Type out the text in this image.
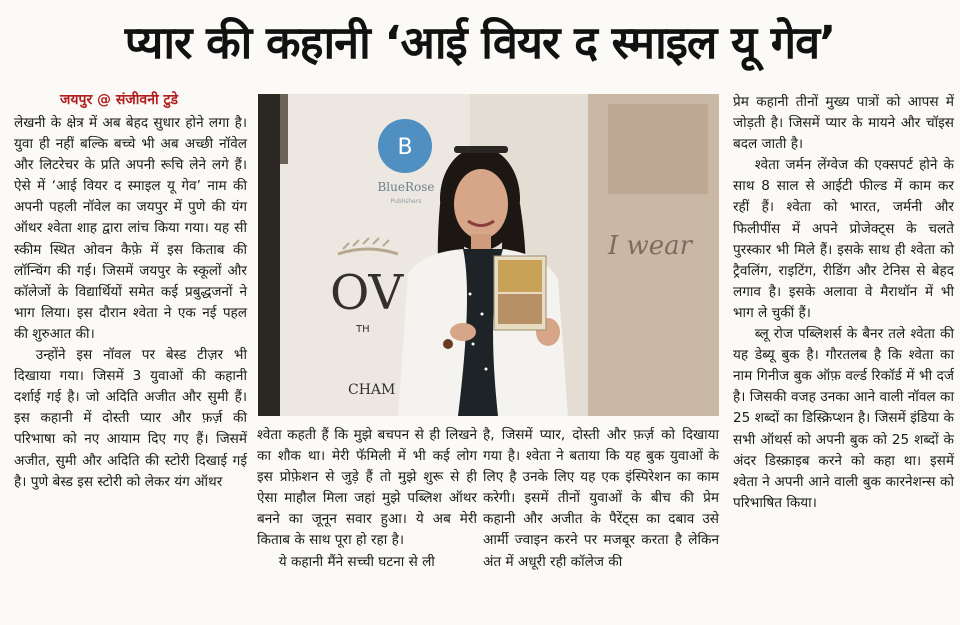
प्यार की कहानी ‘आई वियर द स्माइल यू गेव’
जयपुर @ संजीवनी टुडे

लेखनी के क्षेत्र में अब बेहद सुधार होने लगा है। युवा ही नहीं बल्कि बच्चे भी अब अच्छी नॉवेल और लिटरेचर के प्रति अपनी रूचि लेने लगे हैं। ऐसे में ‘आई वियर द स्माइल यू गेव’ नाम की अपनी पहली नॉवेल का जयपुर में पुणे की यंग ऑथर श्वेता शाह द्वारा लांच किया गया। यह सी स्कीम स्थित ओवन कैफ़े में इस किताब की लॉन्चिंग की गई। जिसमें जयपुर के स्कूलों और कॉलेजों के विद्यार्थियों समेत कई प्रबुद्धजनों ने भाग लिया। इस दौरान श्वेता ने एक नई पहल की शुरुआत की।

उन्होंने इस नॉवल पर बेस्ड टीज़र भी दिखाया गया। जिसमें 3 युवाओं की कहानी दर्शाई गई है। जो अदिति अजीत और सुमी हैं। इस कहानी में दोस्ती प्यार और फ़र्ज़ की परिभाषा को नए आयाम दिए गए हैं। जिसमें अजीत, सुमी और अदिति की स्टोरी दिखाई गई है। पुणे बेस्ड इस स्टोरी को लेकर यंग ऑथर

B
BlueRose
Publishers
OV
TH
CHAM
I wear

श्वेता कहती हैं कि मुझे बचपन से ही लिखने का शौक था। मेरी फॅमिली में भी कई लोग इस प्रोफ़ेशन से जुड़े हैं तो मुझे शुरू से ही ऐसा माहौल मिला जहां मुझे पब्लिश ऑथर बनने का जूनून सवार हुआ। ये अब मेरी किताब के साथ पूरा हो रहा है।

ये कहानी मैंने सच्ची घटना से ली

है, जिसमें प्यार, दोस्ती और फ़र्ज़ को दिखाया गया है। श्वेता ने बताया कि यह बुक युवाओं के लिए है उनके लिए यह एक इंस्पिरेशन का काम करेगी। इसमें तीनों युवाओं के बीच की प्रेम कहानी और अजीत के पैरेंट्स का दबाव उसे आर्मी ज्वाइन करने पर मजबूर करता है लेकिन अंत में अधूरी रही कॉलेज की

प्रेम कहानी तीनों मुख्य पात्रों को आपस में जोड़ती है। जिसमें प्यार के मायने और चॉइस बदल जाती है।

श्वेता जर्मन लेंग्वेज की एक्सपर्ट होने के साथ 8 साल से आईटी फील्ड में काम कर रहीं हैं। श्वेता को भारत, जर्मनी और फिलीपींस में अपने प्रोजेक्ट्स के चलते पुरस्कार भी मिले हैं। इसके साथ ही श्वेता को ट्रैवलिंग, राइटिंग, रीडिंग और टेनिस से बेहद लगाव है। इसके अलावा वे मैराथॉन में भी भाग ले चुकीं हैं।

ब्लू रोज पब्लिशर्स के बैनर तले श्वेता की यह डेब्यू बुक है। गौरतलब है कि श्वेता का नाम गिनीज बुक ऑफ़ वर्ल्ड रिकॉर्ड में भी दर्ज है। जिसकी वजह उनका आने वाली नॉवल का 25 शब्दों का डिस्क्रिप्शन है। जिसमें इंडिया के सभी ऑथर्स को अपनी बुक को 25 शब्दों के अंदर डिस्क्राइब करने को कहा था। इसमें श्वेता ने अपनी आने वाली बुक कारनेशन्स को परिभाषित किया।
